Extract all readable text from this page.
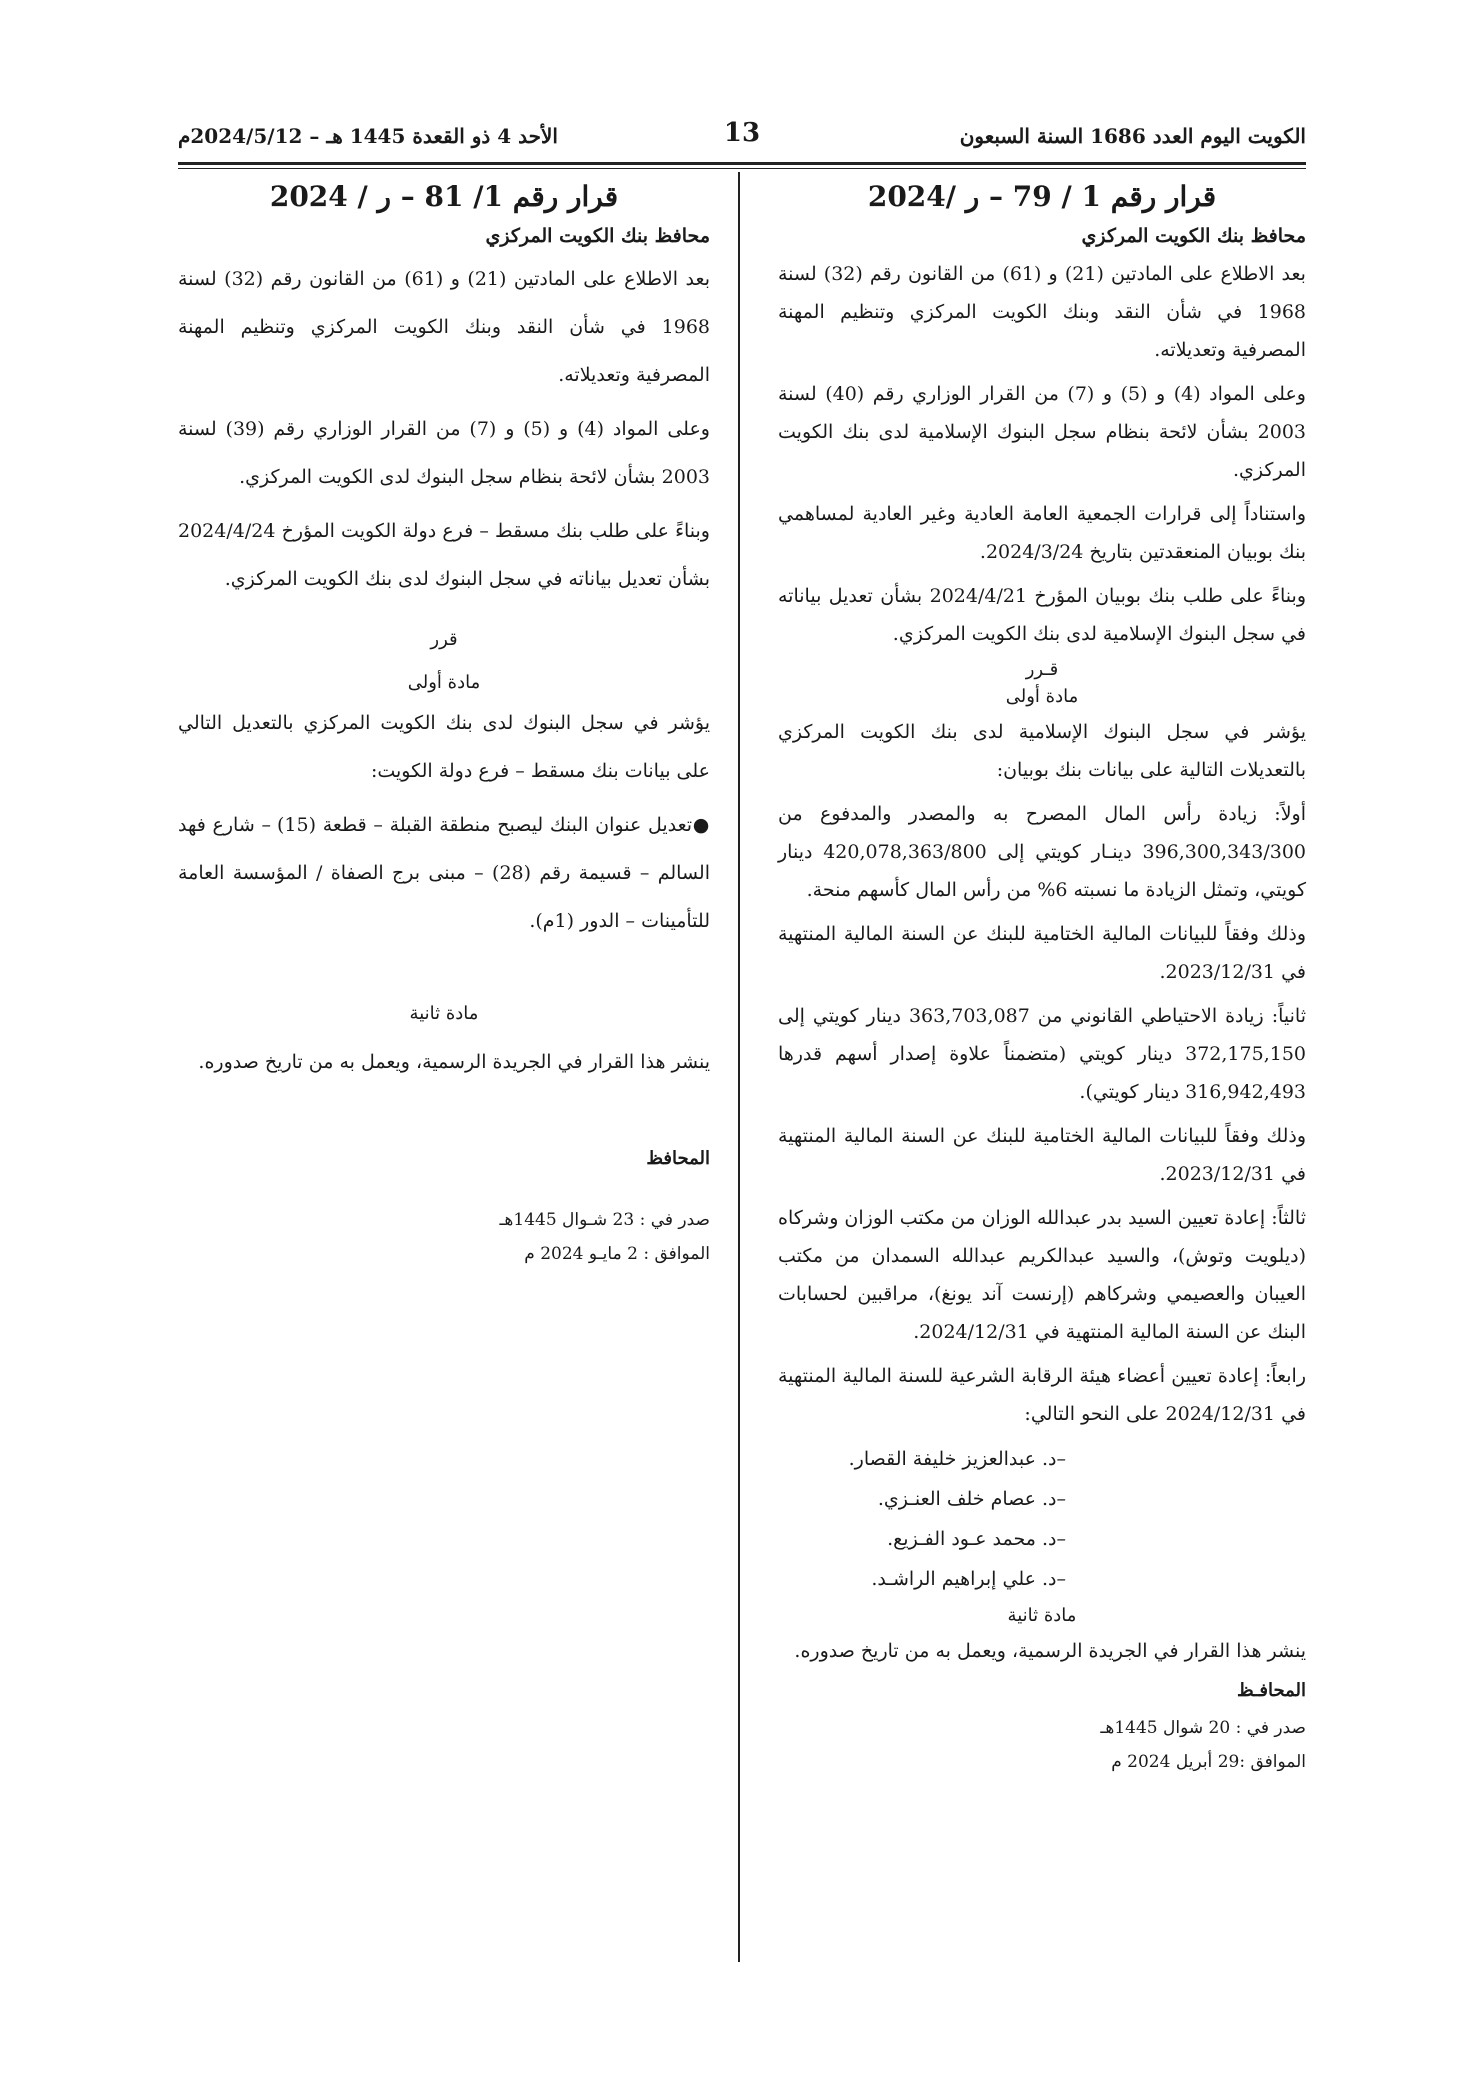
الكويت اليوم العدد 1686 السنة السبعون
13
الأحد 4 ذو القعدة 1445 هـ – 2024/5/12م
قرار رقم 1 / 79 – ر /2024
محافظ بنك الكويت المركزي

بعد الاطلاع على المادتين (21) و (61) من القانون رقم (32) لسنة 1968 في شأن النقد وبنك الكويت المركزي وتنظيم المهنة المصرفية وتعديلاته.

وعلى المواد (4) و (5) و (7) من القرار الوزاري رقم (40) لسنة 2003 بشأن لائحة بنظام سجل البنوك الإسلامية لدى بنك الكويت المركزي.

واستناداً إلى قرارات الجمعية العامة العادية وغير العادية لمساهمي بنك بوبيان المنعقدتين بتاريخ 2024/3/24.

وبناءً على طلب بنك بوبيان المؤرخ 2024/4/21 بشأن تعديل بياناته في سجل البنوك الإسلامية لدى بنك الكويت المركزي.

قـرر
مادة أولى

يؤشر في سجل البنوك الإسلامية لدى بنك الكويت المركزي بالتعديلات التالية على بيانات بنك بوبيان:

أولاً: زيادة رأس المال المصرح به والمصدر والمدفوع من 396,300,343/300 دينـار كويتي إلى 420,078,363/800 دينار كويتي، وتمثل الزيادة ما نسبته 6% من رأس المال كأسهم منحة.

وذلك وفقاً للبيانات المالية الختامية للبنك عن السنة المالية المنتهية في 2023/12/31.

ثانياً: زيادة الاحتياطي القانوني من 363,703,087 دينار كويتي إلى 372,175,150 دينار كويتي (متضمناً علاوة إصدار أسهم قدرها 316,942,493 دينار كويتي).

وذلك وفقاً للبيانات المالية الختامية للبنك عن السنة المالية المنتهية في 2023/12/31.

ثالثاً: إعادة تعيين السيد بدر عبدالله الوزان من مكتب الوزان وشركاه (ديلويت وتوش)، والسيد عبدالكريم عبدالله السمدان من مكتب العيبان والعصيمي وشركاهم (إرنست آند يونغ)، مراقبين لحسابات البنك عن السنة المالية المنتهية في 2024/12/31.

رابعاً: إعادة تعيين أعضاء هيئة الرقابة الشرعية للسنة المالية المنتهية في 2024/12/31 على النحو التالي:

–د. عبدالعزيز خليفة القصار.
–د. عصام خلف العنـزي.
–د. محمد عـود الفـزيع.
–د. علي إبراهيم الراشـد.
مادة ثانية

ينشر هذا القرار في الجريدة الرسمية، ويعمل به من تاريخ صدوره.

المحافـظ
صدر في : 20 شوال 1445هـ
الموافق :29 أبريل 2024 م
قرار رقم 1/ 81 – ر / 2024
محافظ بنك الكويت المركزي

بعد الاطلاع على المادتين (21) و (61) من القانون رقم (32) لسنة 1968 في شأن النقد وبنك الكويت المركزي وتنظيم المهنة المصرفية وتعديلاته.

وعلى المواد (4) و (5) و (7) من القرار الوزاري رقم (39) لسنة 2003 بشأن لائحة بنظام سجل البنوك لدى الكويت المركزي.

وبناءً على طلب بنك مسقط – فرع دولة الكويت المؤرخ 2024/4/24 بشأن تعديل بياناته في سجل البنوك لدى بنك الكويت المركزي.

قرر
مادة أولى

يؤشر في سجل البنوك لدى بنك الكويت المركزي بالتعديل التالي على بيانات بنك مسقط – فرع دولة الكويت:

●تعديل عنوان البنك ليصبح منطقة القبلة – قطعة (15) – شارع فهد السالم – قسيمة رقم (28) – مبنى برج الصفاة / المؤسسة العامة للتأمينات – الدور (1م).

مادة ثانية

ينشر هذا القرار في الجريدة الرسمية، ويعمل به من تاريخ صدوره.

المحافظ
صدر في : 23 شـوال 1445هـ
الموافق : 2 مايـو 2024 م
